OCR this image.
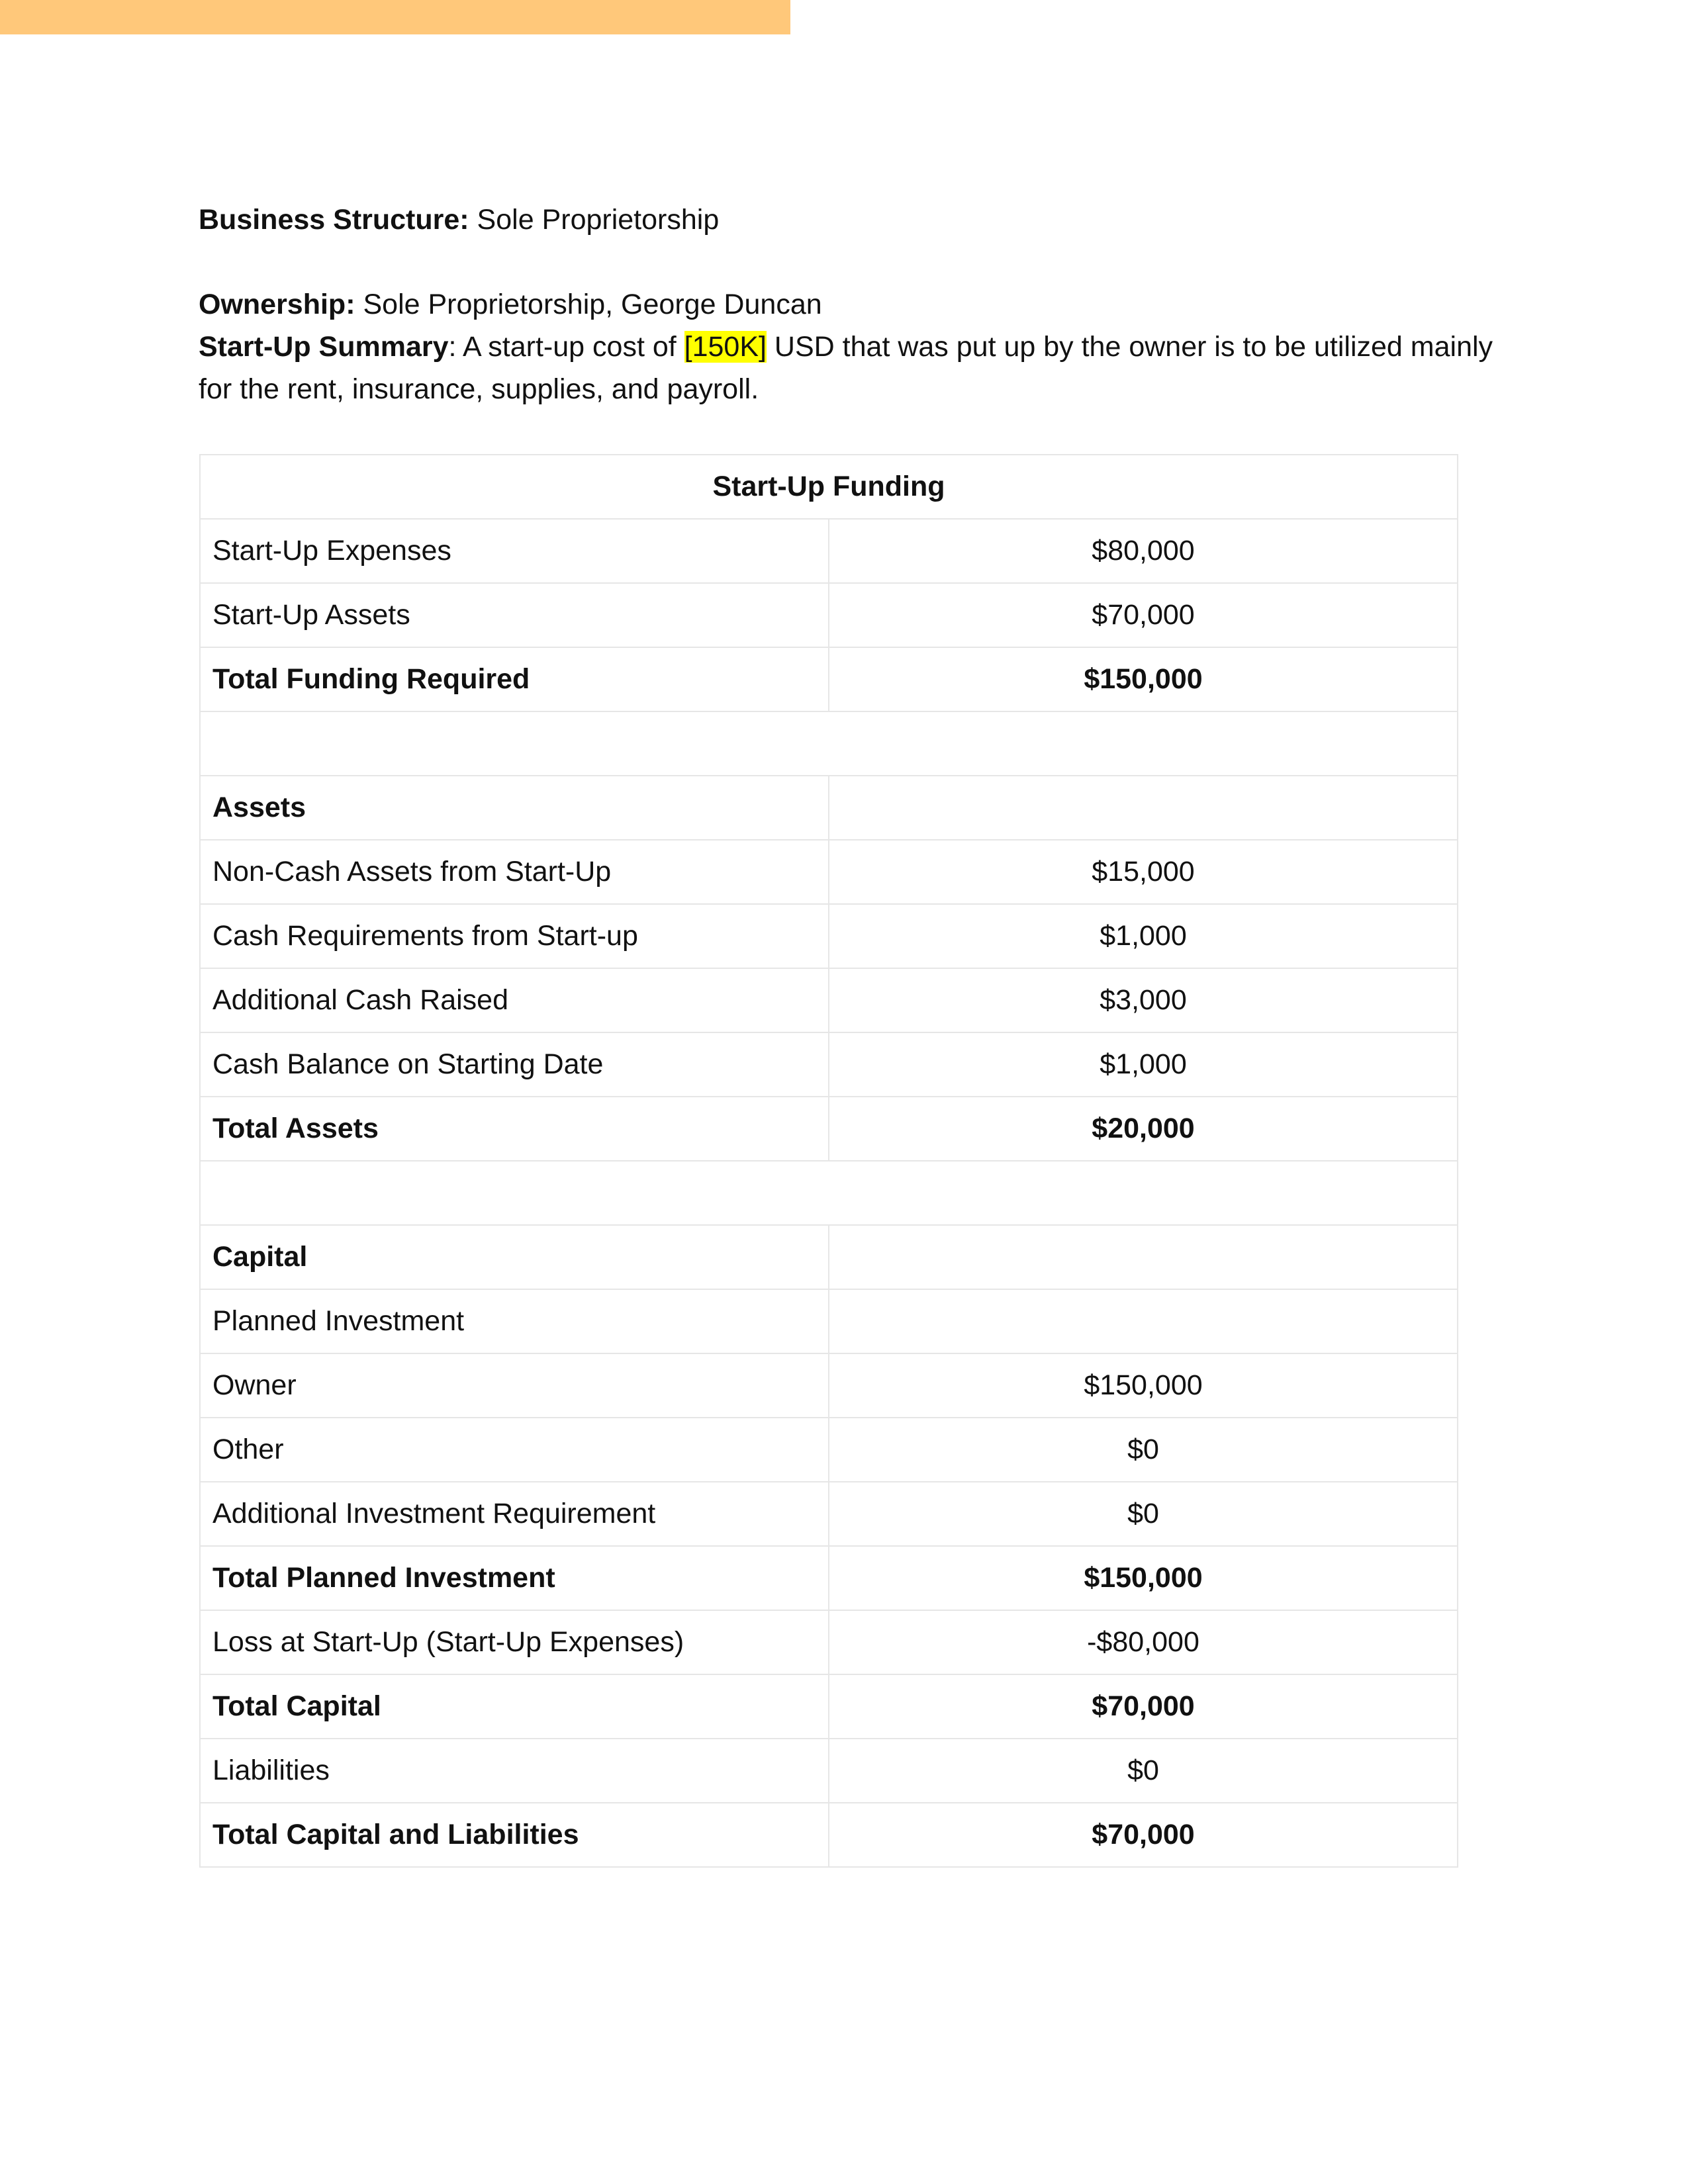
Business Structure: Sole Proprietorship

Ownership: Sole Proprietorship, George Duncan

Start-Up Summary: A start-up cost of [150K] USD that was put up by the owner is to be utilized mainly for the rent, insurance, supplies, and payroll.

Start-Up Funding	
Start-Up Expenses	$80,000
Start-Up Assets	$70,000
Total Funding Required	$150,000

Assets	
Non-Cash Assets from Start-Up	$15,000
Cash Requirements from Start-up	$1,000
Additional Cash Raised	$3,000
Cash Balance on Starting Date	$1,000
Total Assets	$20,000

Capital	
Planned Investment	
Owner	$150,000
Other	$0
Additional Investment Requirement	$0
Total Planned Investment	$150,000
Loss at Start-Up (Start-Up Expenses)	-$80,000
Total Capital	$70,000
Liabilities	$0
Total Capital and Liabilities	$70,000
